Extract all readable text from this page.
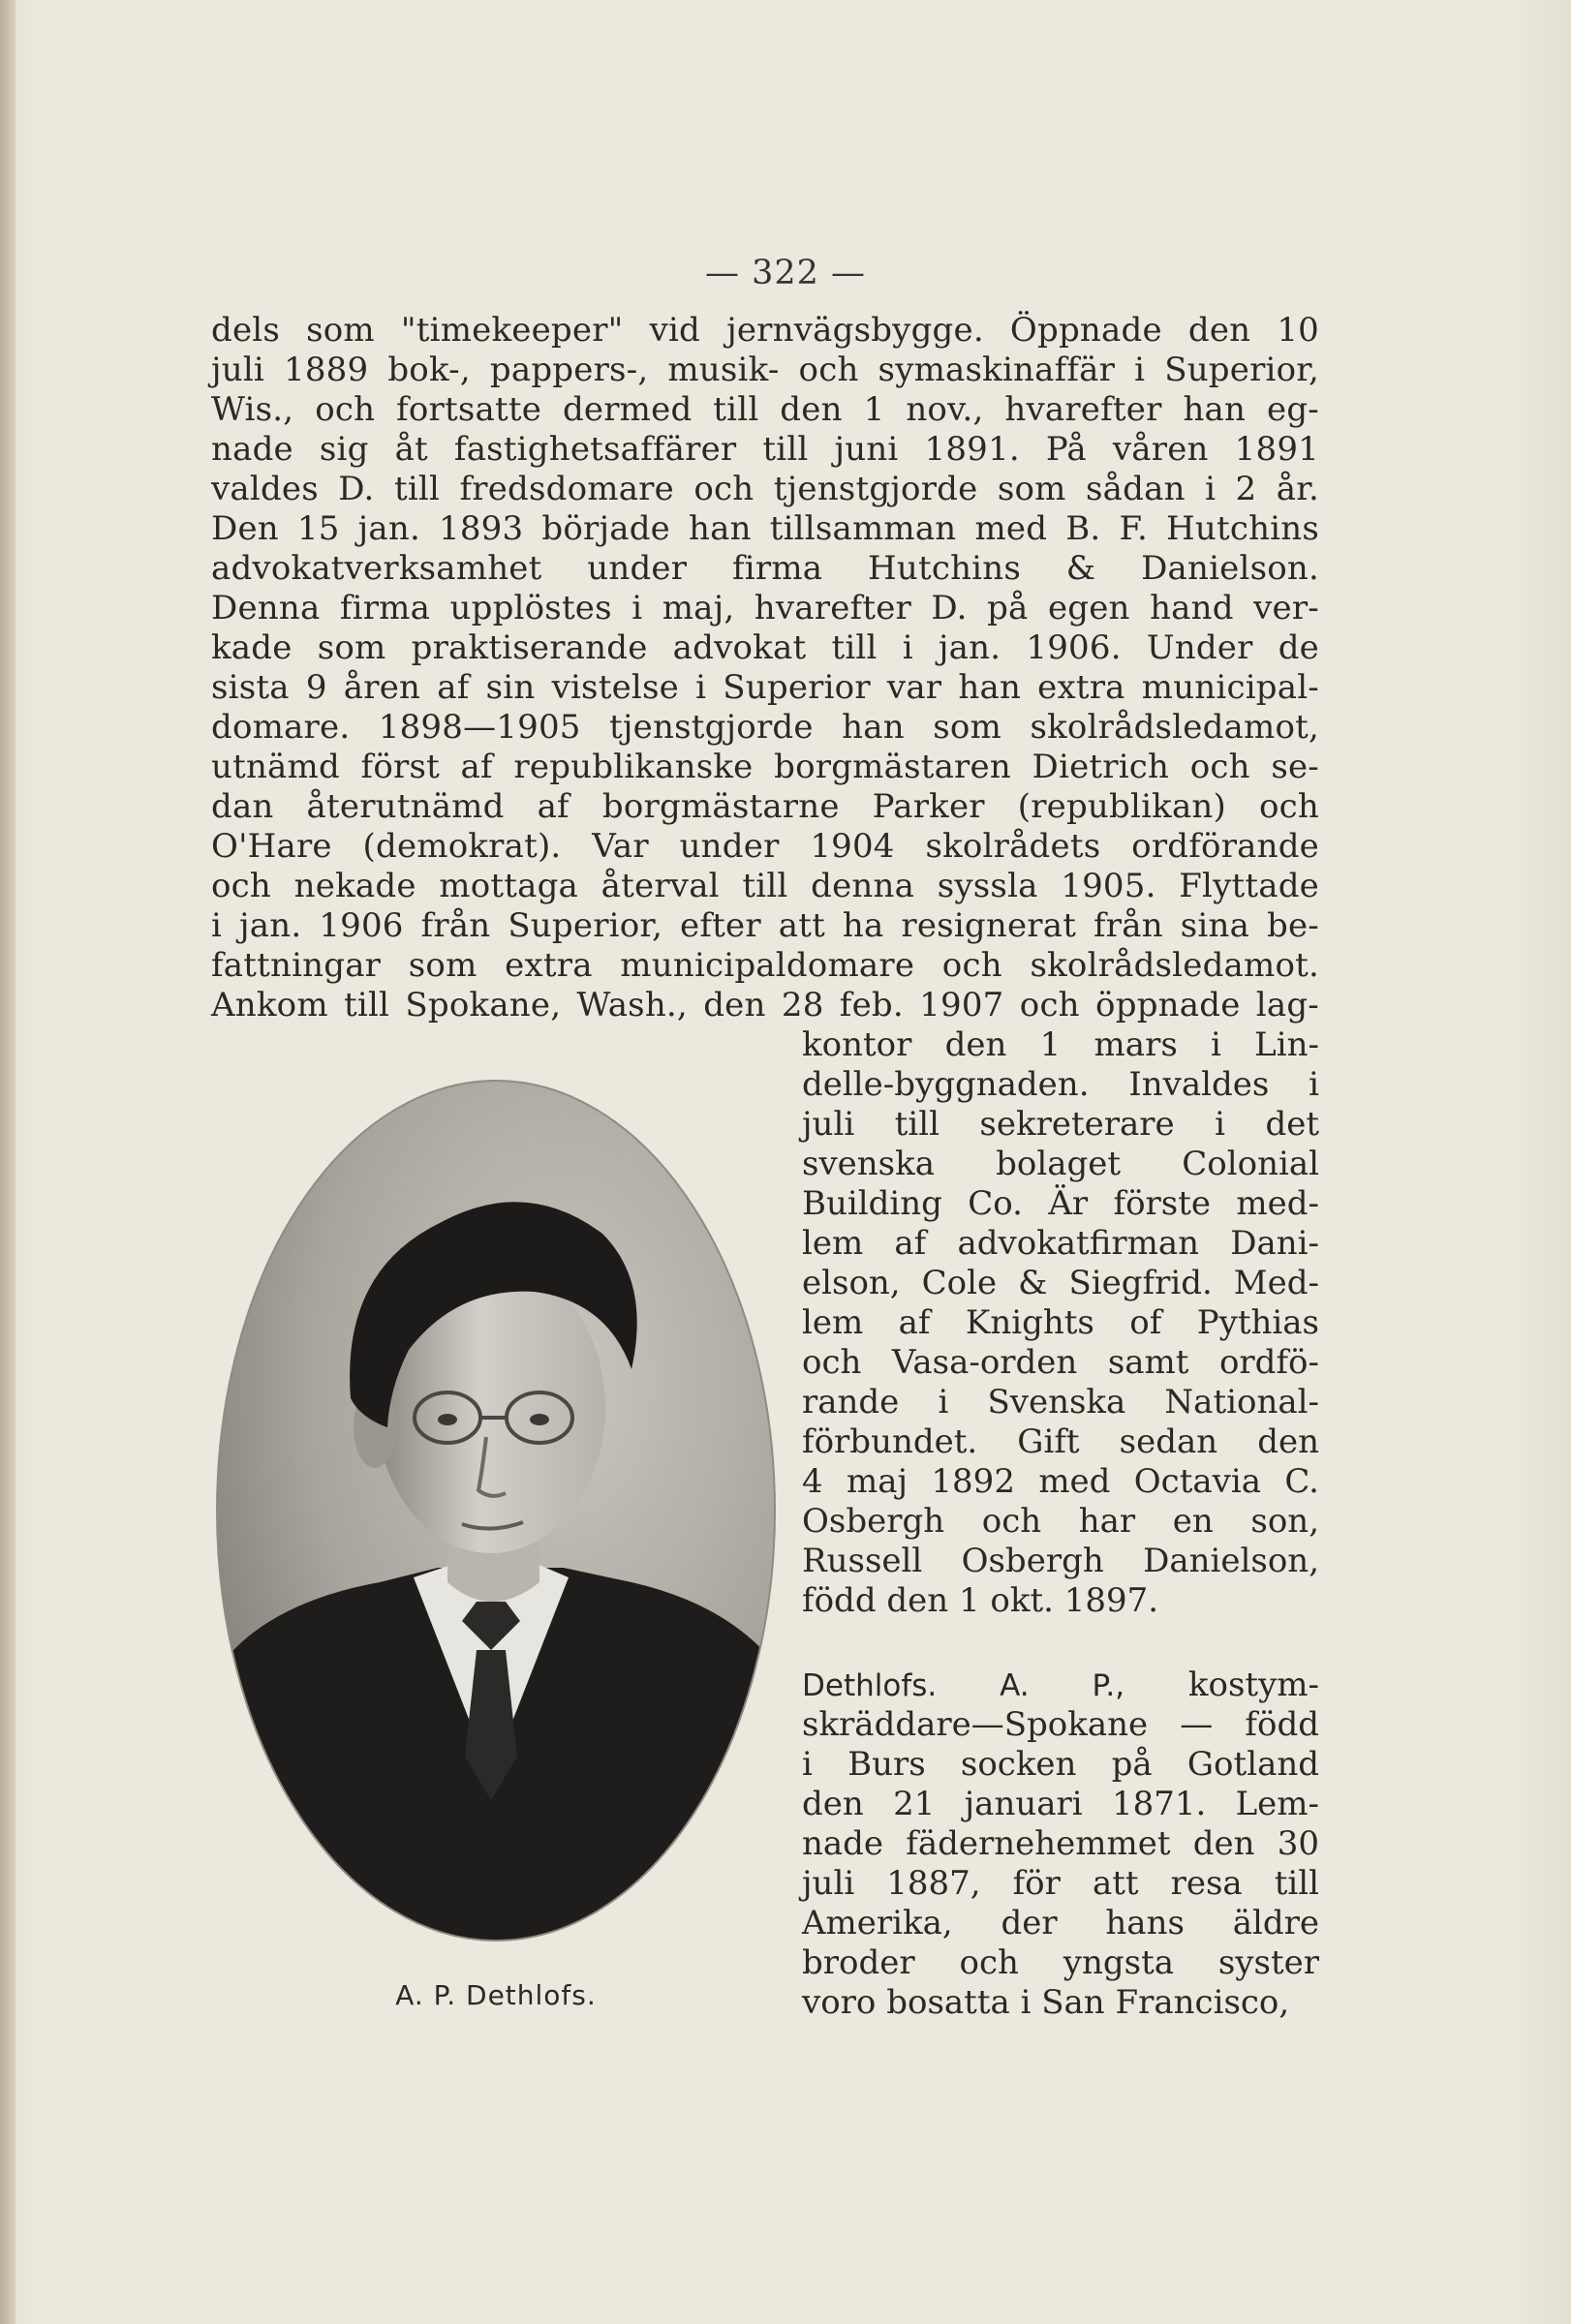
— 322 —
dels som "timekeeper" vid jernvägsbygge. Öppnade den 10
juli 1889 bok-, pappers-, musik- och symaskinaffär i Superior,
Wis., och fortsatte dermed till den 1 nov., hvarefter han eg-
nade sig åt fastighetsaffärer till juni 1891. På våren 1891
valdes D. till fredsdomare och tjenstgjorde som sådan i 2 år.
Den 15 jan. 1893 började han tillsamman med B. F. Hutchins
advokatverksamhet under firma Hutchins & Danielson.
Denna firma upplöstes i maj, hvarefter D. på egen hand ver-
kade som praktiserande advokat till i jan. 1906. Under de
sista 9 åren af sin vistelse i Superior var han extra municipal-
domare. 1898—1905 tjenstgjorde han som skolrådsledamot,
utnämd först af republikanske borgmästaren Dietrich och se-
dan återutnämd af borgmästarne Parker (republikan) och
O'Hare (demokrat). Var under 1904 skolrådets ordförande
och nekade mottaga återval till denna syssla 1905. Flyttade
i jan. 1906 från Superior, efter att ha resignerat från sina be-
fattningar som extra municipaldomare och skolrådsledamot.
Ankom till Spokane, Wash., den 28 feb. 1907 och öppnade lag-
kontor den 1 mars i Lin-
delle-byggnaden. Invaldes i
juli till sekreterare i det
svenska bolaget Colonial
Building Co. Är förste med-
lem af advokatfirman Dani-
elson, Cole & Siegfrid. Med-
lem af Knights of Pythias
och Vasa-orden samt ordfö-
rande i Svenska National-
förbundet. Gift sedan den
4 maj 1892 med Octavia C.
Osbergh och har en son,
Russell Osbergh Danielson,
född den 1 okt. 1897.
Dethlofs. A. P., kostym-
skräddare—Spokane — född
i Burs socken på Gotland
den 21 januari 1871. Lem-
nade fädernehemmet den 30
juli 1887, för att resa till
Amerika, der hans äldre
broder och yngsta syster
voro bosatta i San Francisco,
A. P. Dethlofs.
